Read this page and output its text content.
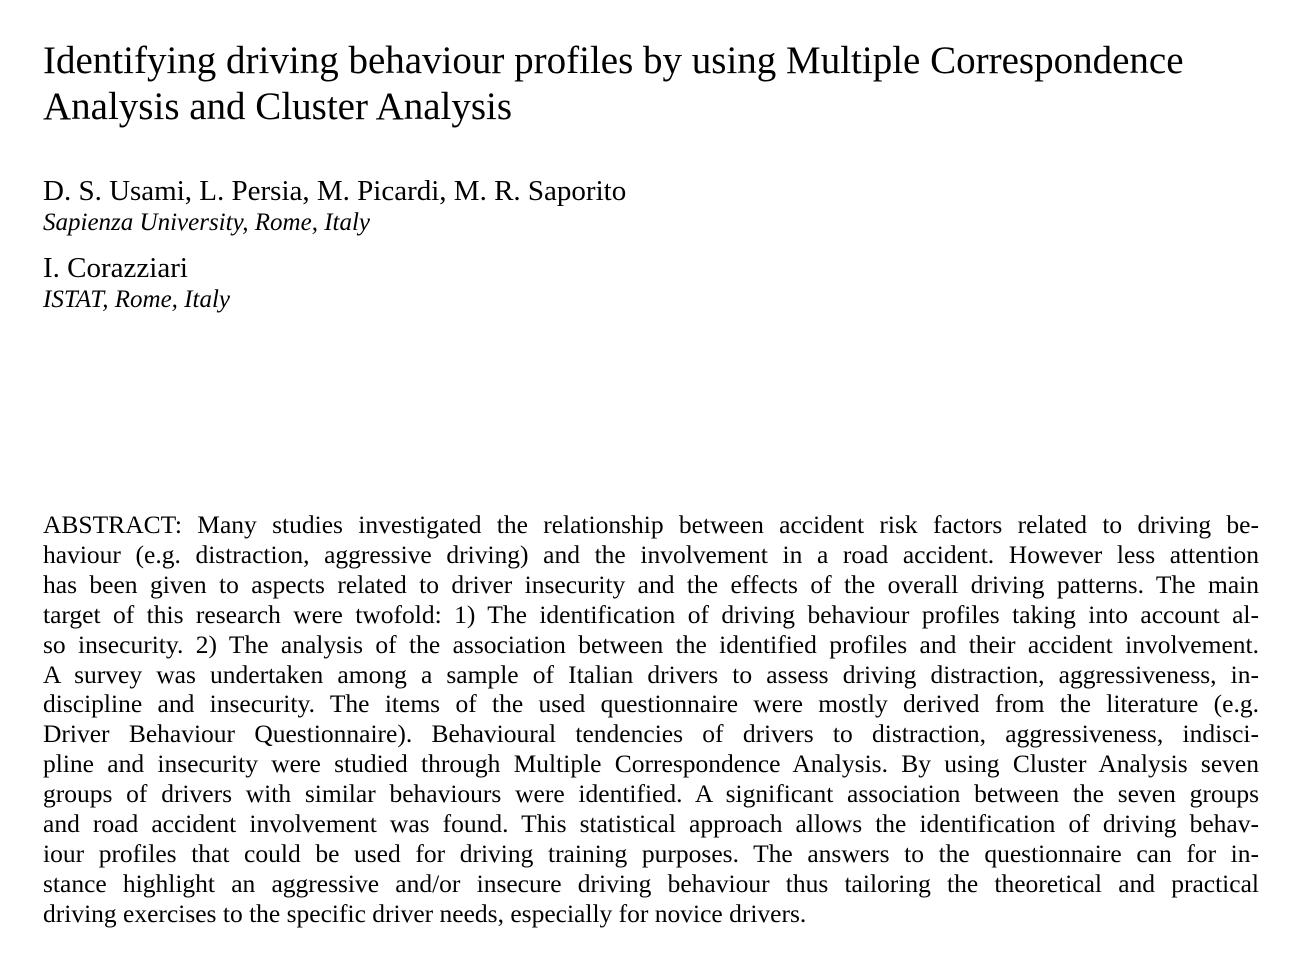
Identifying driving behaviour profiles by using Multiple Correspondence Analysis and Cluster Analysis
D. S. Usami, L. Persia, M. Picardi, M. R. Saporito
Sapienza University, Rome, Italy
I. Corazziari
ISTAT, Rome, Italy
ABSTRACT: Many studies investigated the relationship between accident risk factors related to driving be-
haviour (e.g. distraction, aggressive driving) and the involvement in a road accident. However less attention
has been given to aspects related to driver insecurity and the effects of the overall driving patterns. The main
target of this research were twofold: 1) The identification of driving behaviour profiles taking into account al-
so insecurity. 2) The analysis of the association between the identified profiles and their accident involvement.
A survey was undertaken among a sample of Italian drivers to assess driving distraction, aggressiveness, in-
discipline and insecurity. The items of the used questionnaire were mostly derived from the literature (e.g.
Driver Behaviour Questionnaire). Behavioural tendencies of drivers to distraction, aggressiveness, indisci-
pline and insecurity were studied through Multiple Correspondence Analysis. By using Cluster Analysis seven
groups of drivers with similar behaviours were identified. A significant association between the seven groups
and road accident involvement was found. This statistical approach allows the identification of driving behav-
iour profiles that could be used for driving training purposes. The answers to the questionnaire can for in-
stance highlight an aggressive and/or insecure driving behaviour thus tailoring the theoretical and practical
driving exercises to the specific driver needs, especially for novice drivers.
